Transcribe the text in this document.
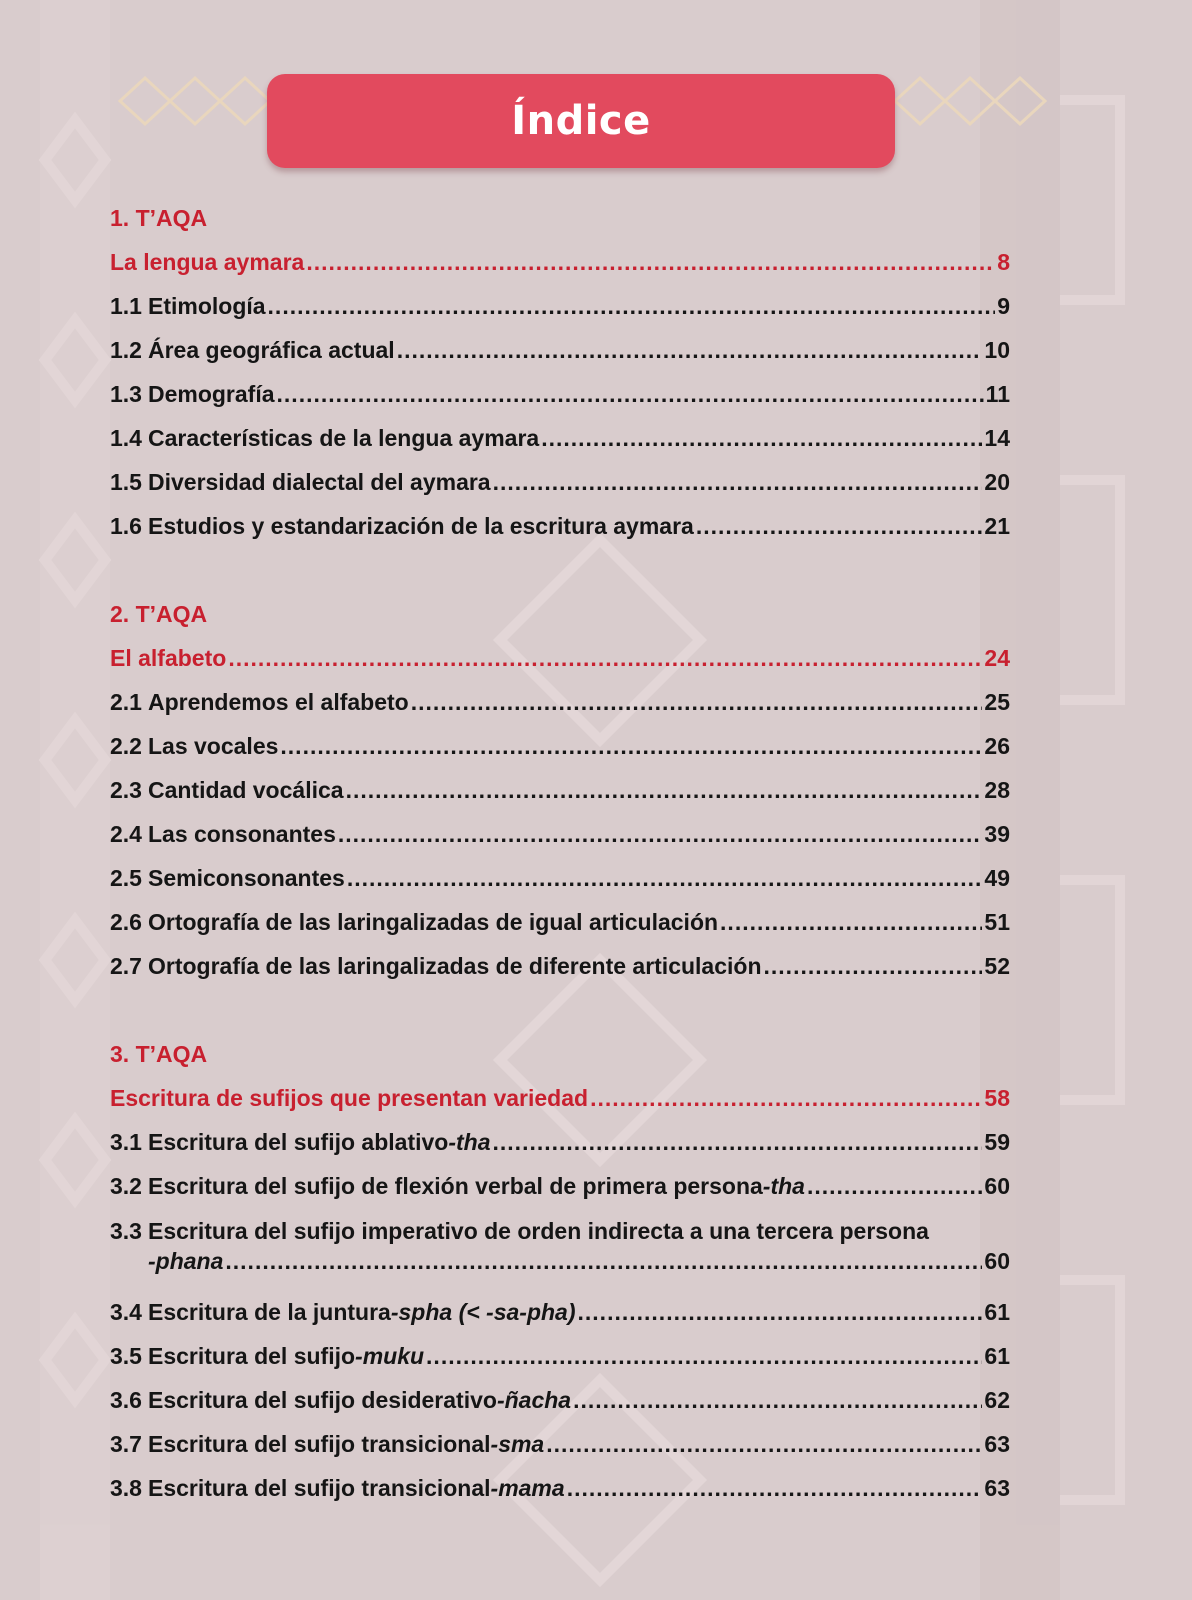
Índice
1. T’AQA
La lengua aymara .....	8
1.1 Etimología .....	9
1.2 Área geográfica actual .....	10
1.3 Demografía .....	11
1.4 Características de la lengua aymara .....	14
1.5 Diversidad dialectal del aymara .....	20
1.6 Estudios y estandarización de la escritura aymara .....	21
2. T’AQA
El alfabeto .....	24
2.1 Aprendemos el alfabeto .....	25
2.2 Las vocales .....	26
2.3 Cantidad vocálica .....	28
2.4 Las consonantes .....	39
2.5 Semiconsonantes .....	49
2.6 Ortografía de las laringalizadas de igual articulación .....	51
2.7 Ortografía de las laringalizadas de diferente articulación .....	52
3. T’AQA
Escritura de sufijos que presentan variedad .....	58
3.1 Escritura del sufijo ablativo -tha .....	59
3.2 Escritura del sufijo de flexión verbal de primera persona -tha .....	60
3.3 Escritura del sufijo imperativo de orden indirecta a una tercera persona
-phana .....	60
3.4 Escritura de la juntura -spha (< -sa-pha) .....	61
3.5 Escritura del sufijo -muku .....	61
3.6 Escritura del sufijo desiderativo -ñacha .....	62
3.7 Escritura del sufijo transicional -sma .....	63
3.8 Escritura del sufijo transicional -mama .....	63
